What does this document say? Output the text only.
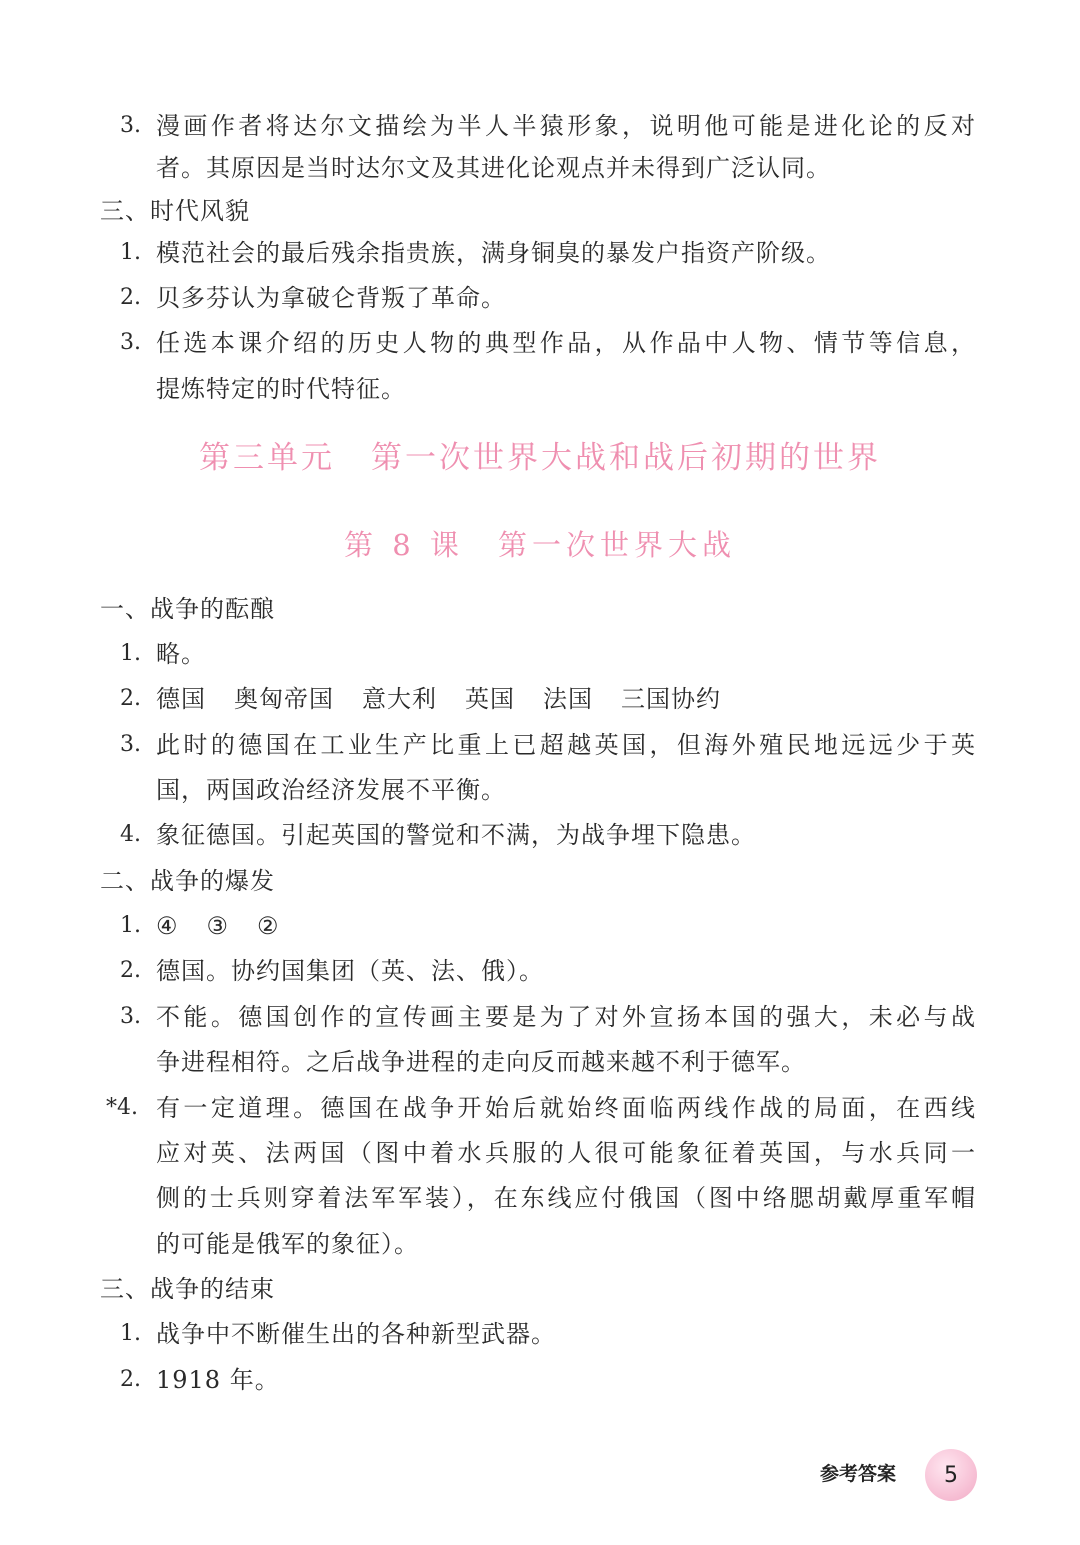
3. 漫画作者将达尔文描绘为半人半猿形象，说明他可能是进化论的反对
者。其原因是当时达尔文及其进化论观点并未得到广泛认同。
三、时代风貌
1. 模范社会的最后残余指贵族，满身铜臭的暴发户指资产阶级。
2. 贝多芬认为拿破仑背叛了革命。
3. 任选本课介绍的历史人物的典型作品，从作品中人物、情节等信息，
提炼特定的时代特征。
第三单元 第一次世界大战和战后初期的世界
第 8 课 第一次世界大战
一、战争的酝酿
1. 略。
2. 德国 奥匈帝国 意大利 英国 法国 三国协约
3. 此时的德国在工业生产比重上已超越英国，但海外殖民地远远少于英
国，两国政治经济发展不平衡。
4. 象征德国。引起英国的警觉和不满，为战争埋下隐患。
二、战争的爆发
1. ④ ③ ②
2. 德国。协约国集团（英、法、俄）。
3. 不能。德国创作的宣传画主要是为了对外宣扬本国的强大，未必与战
争进程相符。之后战争进程的走向反而越来越不利于德军。
*4. 有一定道理。德国在战争开始后就始终面临两线作战的局面，在西线
应对英、法两国（图中着水兵服的人很可能象征着英国，与水兵同一
侧的士兵则穿着法军军装），在东线应付俄国（图中络腮胡戴厚重军帽
的可能是俄军的象征）。
三、战争的结束
1. 战争中不断催生出的各种新型武器。
2. 1918 年。
参考答案 5
